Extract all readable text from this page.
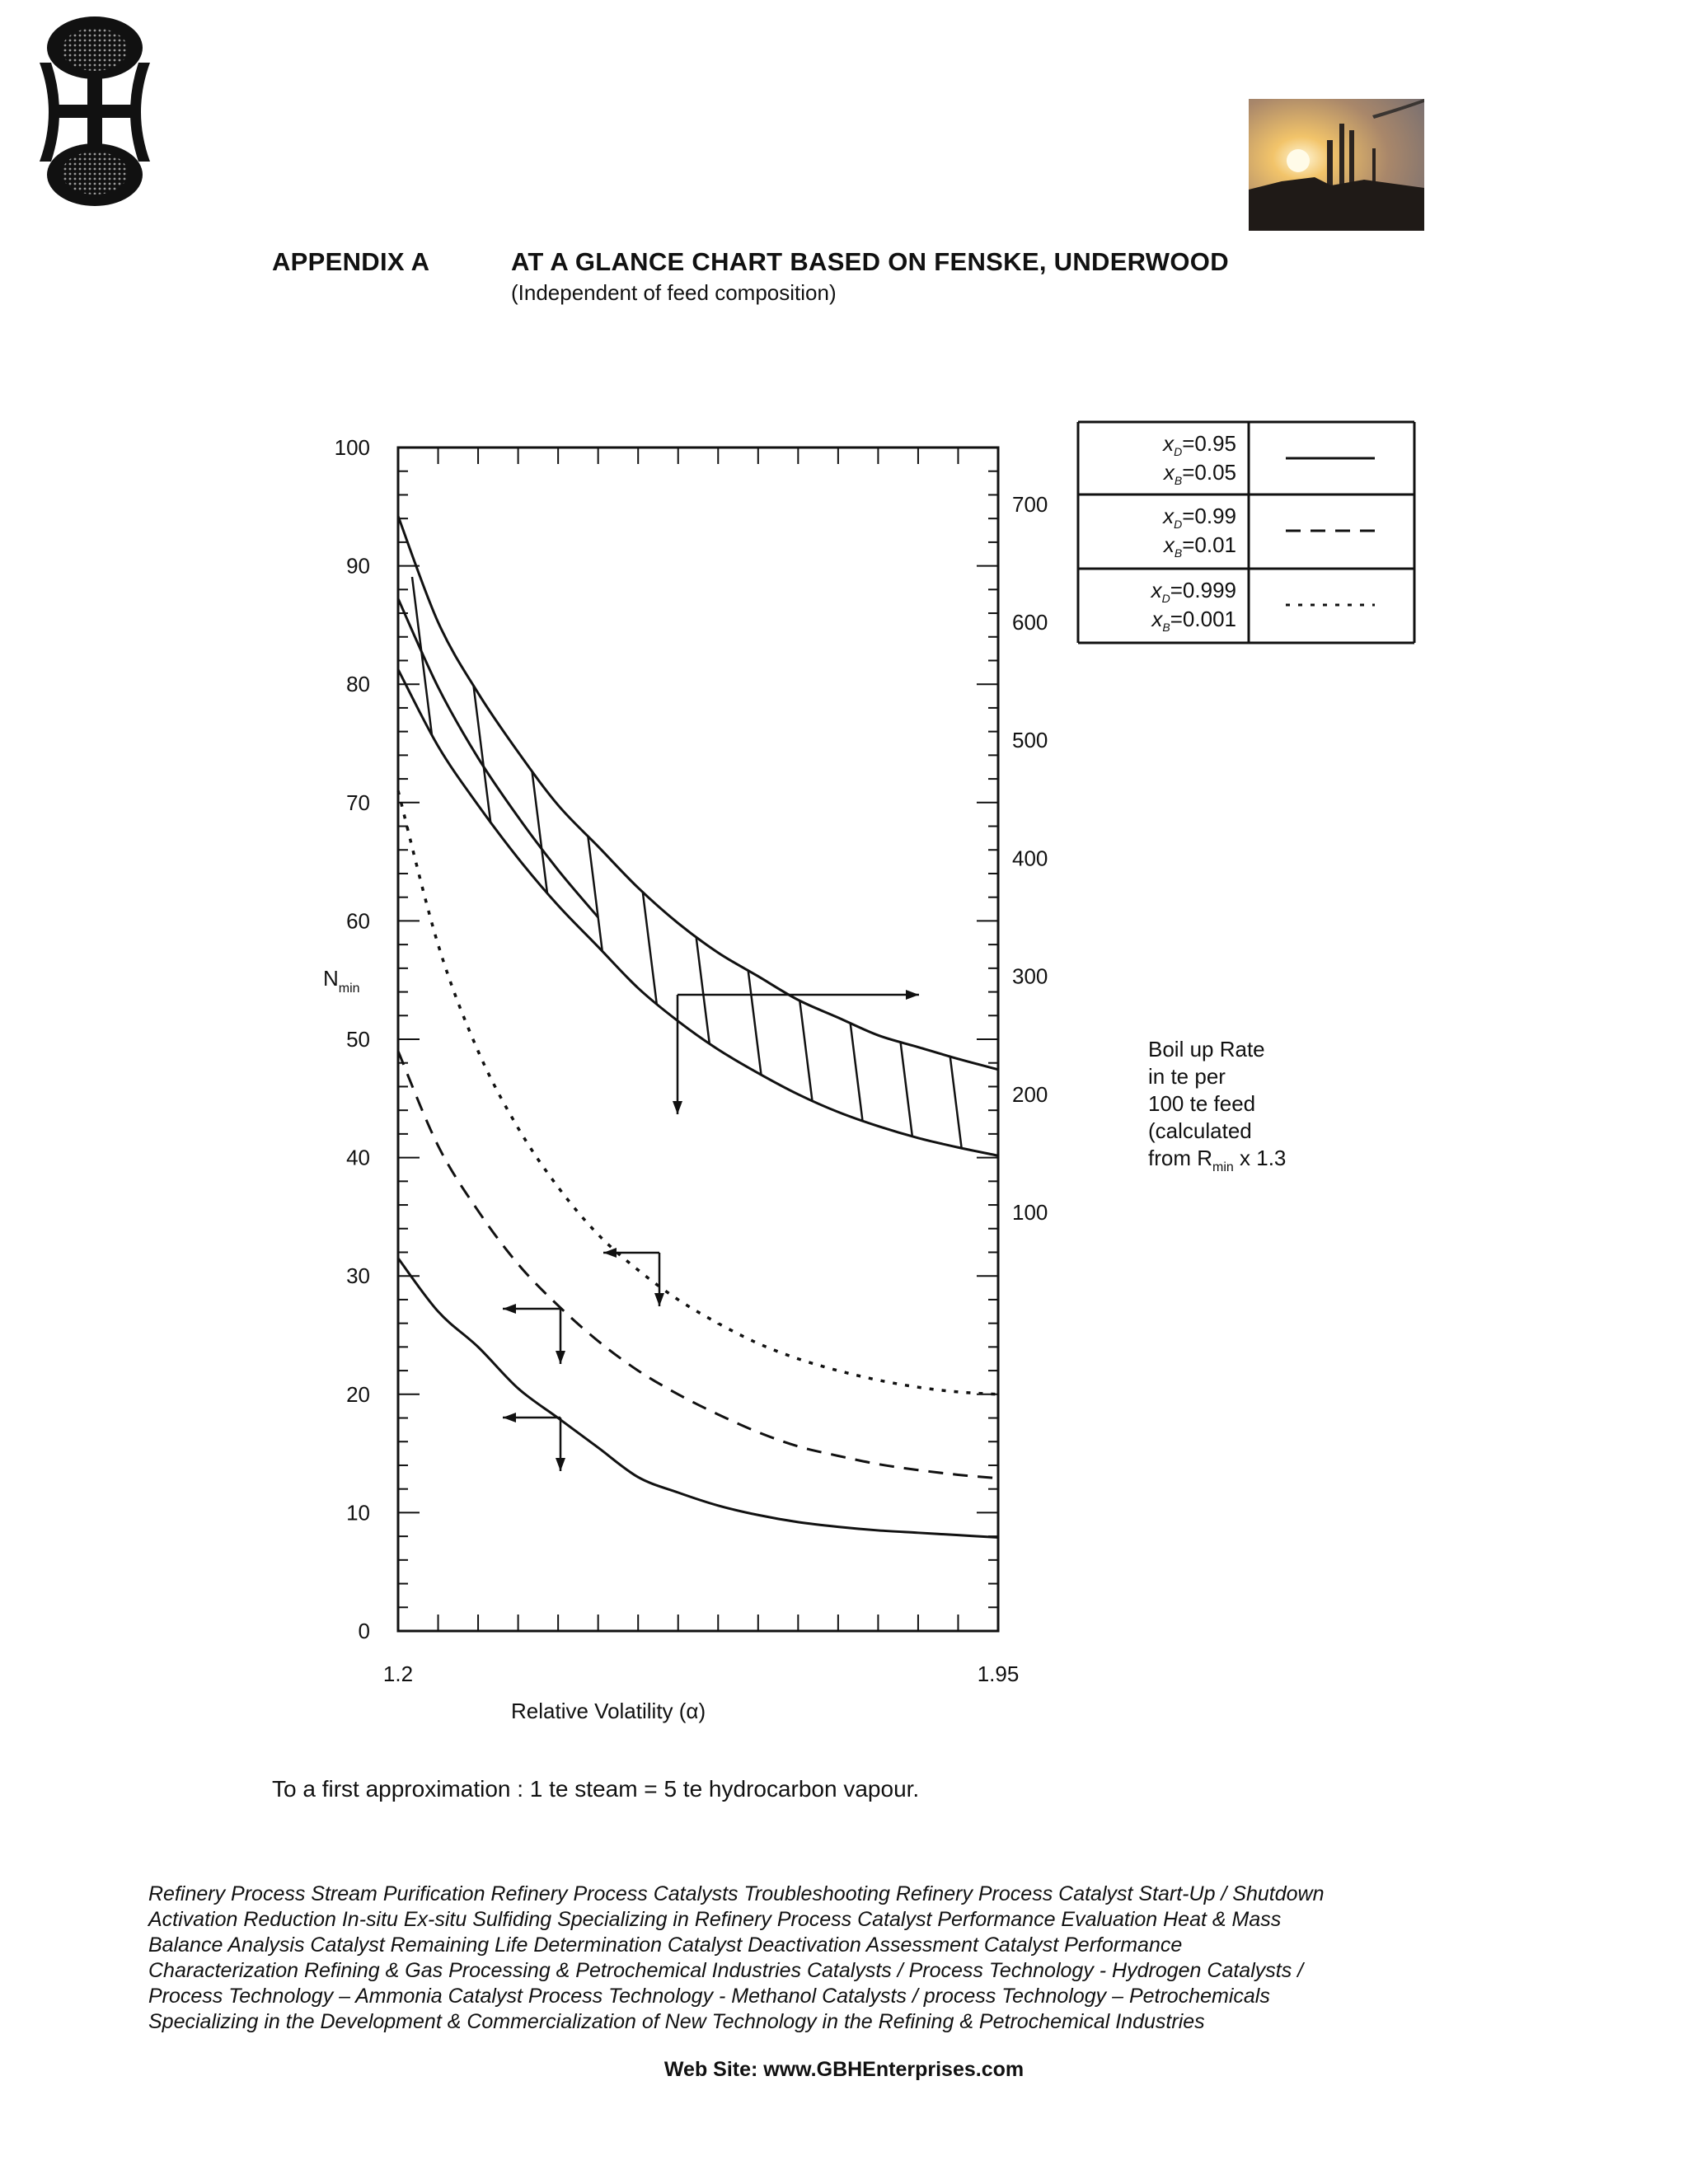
APPENDIX A	AT A GLANCE CHART BASED ON FENSKE, UNDERWOOD
(Independent of feed composition)
0
10
20
30
40
50
60
70
80
90
100
100
200
300
400
500
600
700
1.2	1.95
$N_{min}$
Relative Volatility (α)
Boil up Rate
in te per
100 te feed
(calculated
from $R_{min}$ x 1.3
$x_D=0.95$
$x_B=0.05$
$x_D=0.99$
$x_B=0.01$
$x_D=0.999$
$x_B=0.001$
To a first approximation : 1 te steam = 5 te hydrocarbon vapour.
Refinery Process Stream Purification Refinery Process Catalysts Troubleshooting Refinery Process Catalyst Start-Up / Shutdown
Activation Reduction In-situ Ex-situ Sulfiding Specializing in Refinery Process Catalyst Performance Evaluation Heat & Mass
Balance Analysis Catalyst Remaining Life Determination Catalyst Deactivation Assessment Catalyst Performance
Characterization Refining & Gas Processing & Petrochemical Industries Catalysts / Process Technology - Hydrogen Catalysts /
Process Technology – Ammonia Catalyst Process Technology - Methanol Catalysts / process Technology – Petrochemicals
Specializing in the Development & Commercialization of New Technology in the Refining & Petrochemical Industries
Web Site: www.GBHEnterprises.com
